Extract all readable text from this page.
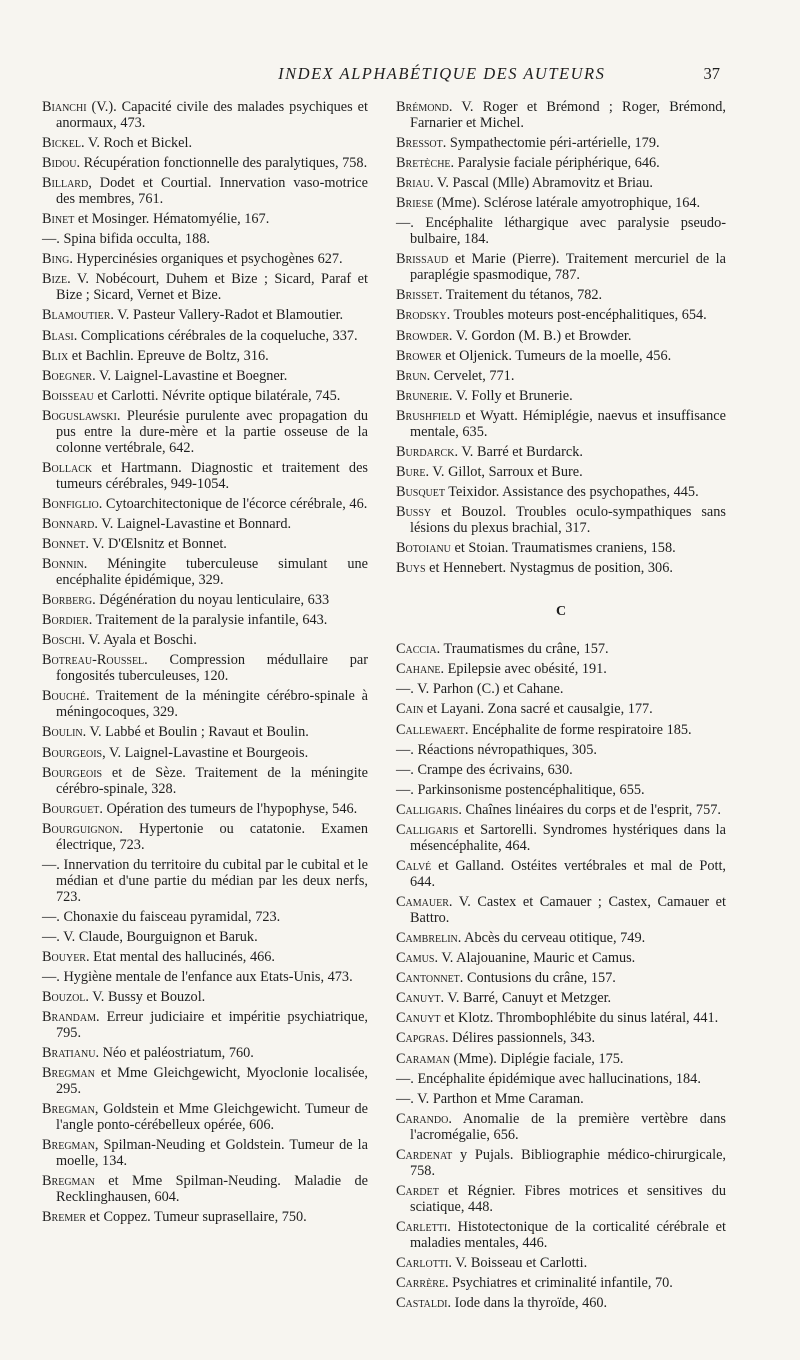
INDEX ALPHABÉTIQUE DES AUTEURS	37

Bianchi (V.). Capacité civile des malades psychiques et anormaux, 473.

Bickel. V. Roch et Bickel.

Bidou. Récupération fonctionnelle des paralytiques, 758.

Billard, Dodet et Courtial. Innervation vaso-motrice des membres, 761.

Binet et Mosinger. Hématomyélie, 167.

—. Spina bifida occulta, 188.

Bing. Hypercinésies organiques et psychogènes 627.

Bize. V. Nobécourt, Duhem et Bize ; Sicard, Paraf et Bize ; Sicard, Vernet et Bize.

Blamoutier. V. Pasteur Vallery-Radot et Blamoutier.

Blasi. Complications cérébrales de la coqueluche, 337.

Blix et Bachlin. Epreuve de Boltz, 316.

Boegner. V. Laignel-Lavastine et Boegner.

Boisseau et Carlotti. Névrite optique bilatérale, 745.

Boguslawski. Pleurésie purulente avec propagation du pus entre la dure-mère et la partie osseuse de la colonne vertébrale, 642.

Bollack et Hartmann. Diagnostic et traitement des tumeurs cérébrales, 949-1054.

Bonfiglio. Cytoarchitectonique de l'écorce cérébrale, 46.

Bonnard. V. Laignel-Lavastine et Bonnard.

Bonnet. V. D'Œlsnitz et Bonnet.

Bonnin. Méningite tuberculeuse simulant une encéphalite épidémique, 329.

Borberg. Dégénération du noyau lenticulaire, 633

Bordier. Traitement de la paralysie infantile, 643.

Boschi. V. Ayala et Boschi.

Botreau-Roussel. Compression médullaire par fongosités tuberculeuses, 120.

Bouché. Traitement de la méningite cérébro-spinale à méningocoques, 329.

Boulin. V. Labbé et Boulin ; Ravaut et Boulin.

Bourgeois, V. Laignel-Lavastine et Bourgeois.

Bourgeois et de Sèze. Traitement de la méningite cérébro-spinale, 328.

Bourguet. Opération des tumeurs de l'hypophyse, 546.

Bourguignon. Hypertonie ou catatonie. Examen électrique, 723.

—. Innervation du territoire du cubital par le cubital et le médian et d'une partie du médian par les deux nerfs, 723.

—. Chonaxie du faisceau pyramidal, 723.

—. V. Claude, Bourguignon et Baruk.

Bouyer. Etat mental des hallucinés, 466.

—. Hygiène mentale de l'enfance aux Etats-Unis, 473.

Bouzol. V. Bussy et Bouzol.

Brandam. Erreur judiciaire et impéritie psychiatrique, 795.

Bratianu. Néo et paléostriatum, 760.

Bregman et Mme Gleichgewicht, Myoclonie localisée, 295.

Bregman, Goldstein et Mme Gleichgewicht. Tumeur de l'angle ponto-cérébelleux opérée, 606.

Bregman, Spilman-Neuding et Goldstein. Tumeur de la moelle, 134.

Bregman et Mme Spilman-Neuding. Maladie de Recklinghausen, 604.

Bremer et Coppez. Tumeur suprasellaire, 750.

Brémond. V. Roger et Brémond ; Roger, Brémond, Farnarier et Michel.

Bressot. Sympathectomie péri-artérielle, 179.

Bretèche. Paralysie faciale périphérique, 646.

Briau. V. Pascal (Mlle) Abramovitz et Briau.

Briese (Mme). Sclérose latérale amyotrophique, 164.

—. Encéphalite léthargique avec paralysie pseudo-bulbaire, 184.

Brissaud et Marie (Pierre). Traitement mercuriel de la paraplégie spasmodique, 787.

Brisset. Traitement du tétanos, 782.

Brodsky. Troubles moteurs post-encéphalitiques, 654.

Browder. V. Gordon (M. B.) et Browder.

Brower et Oljenick. Tumeurs de la moelle, 456.

Brun. Cervelet, 771.

Brunerie. V. Folly et Brunerie.

Brushfield et Wyatt. Hémiplégie, naevus et insuffisance mentale, 635.

Burdarck. V. Barré et Burdarck.

Bure. V. Gillot, Sarroux et Bure.

Busquet Teixidor. Assistance des psychopathes, 445.

Bussy et Bouzol. Troubles oculo-sympathiques sans lésions du plexus brachial, 317.

Botoianu et Stoian. Traumatismes craniens, 158.

Buys et Hennebert. Nystagmus de position, 306.

C

Caccia. Traumatismes du crâne, 157.

Cahane. Epilepsie avec obésité, 191.

—. V. Parhon (C.) et Cahane.

Cain et Layani. Zona sacré et causalgie, 177.

Callewaert. Encéphalite de forme respiratoire 185.

—. Réactions névropathiques, 305.

—. Crampe des écrivains, 630.

—. Parkinsonisme postencéphalitique, 655.

Calligaris. Chaînes linéaires du corps et de l'esprit, 757.

Calligaris et Sartorelli. Syndromes hystériques dans la mésencéphalite, 464.

Calvé et Galland. Ostéites vertébrales et mal de Pott, 644.

Camauer. V. Castex et Camauer ; Castex, Camauer et Battro.

Cambrelin. Abcès du cerveau otitique, 749.

Camus. V. Alajouanine, Mauric et Camus.

Cantonnet. Contusions du crâne, 157.

Canuyt. V. Barré, Canuyt et Metzger.

Canuyt et Klotz. Thrombophlébite du sinus latéral, 441.

Capgras. Délires passionnels, 343.

Caraman (Mme). Diplégie faciale, 175.

—. Encéphalite épidémique avec hallucinations, 184.

—. V. Parthon et Mme Caraman.

Carando. Anomalie de la première vertèbre dans l'acromégalie, 656.

Cardenat y Pujals. Bibliographie médico-chirurgicale, 758.

Cardet et Régnier. Fibres motrices et sensitives du sciatique, 448.

Carletti. Histotectonique de la corticalité cérébrale et maladies mentales, 446.

Carlotti. V. Boisseau et Carlotti.

Carrère. Psychiatres et criminalité infantile, 70.

Castaldi. Iode dans la thyroïde, 460.
